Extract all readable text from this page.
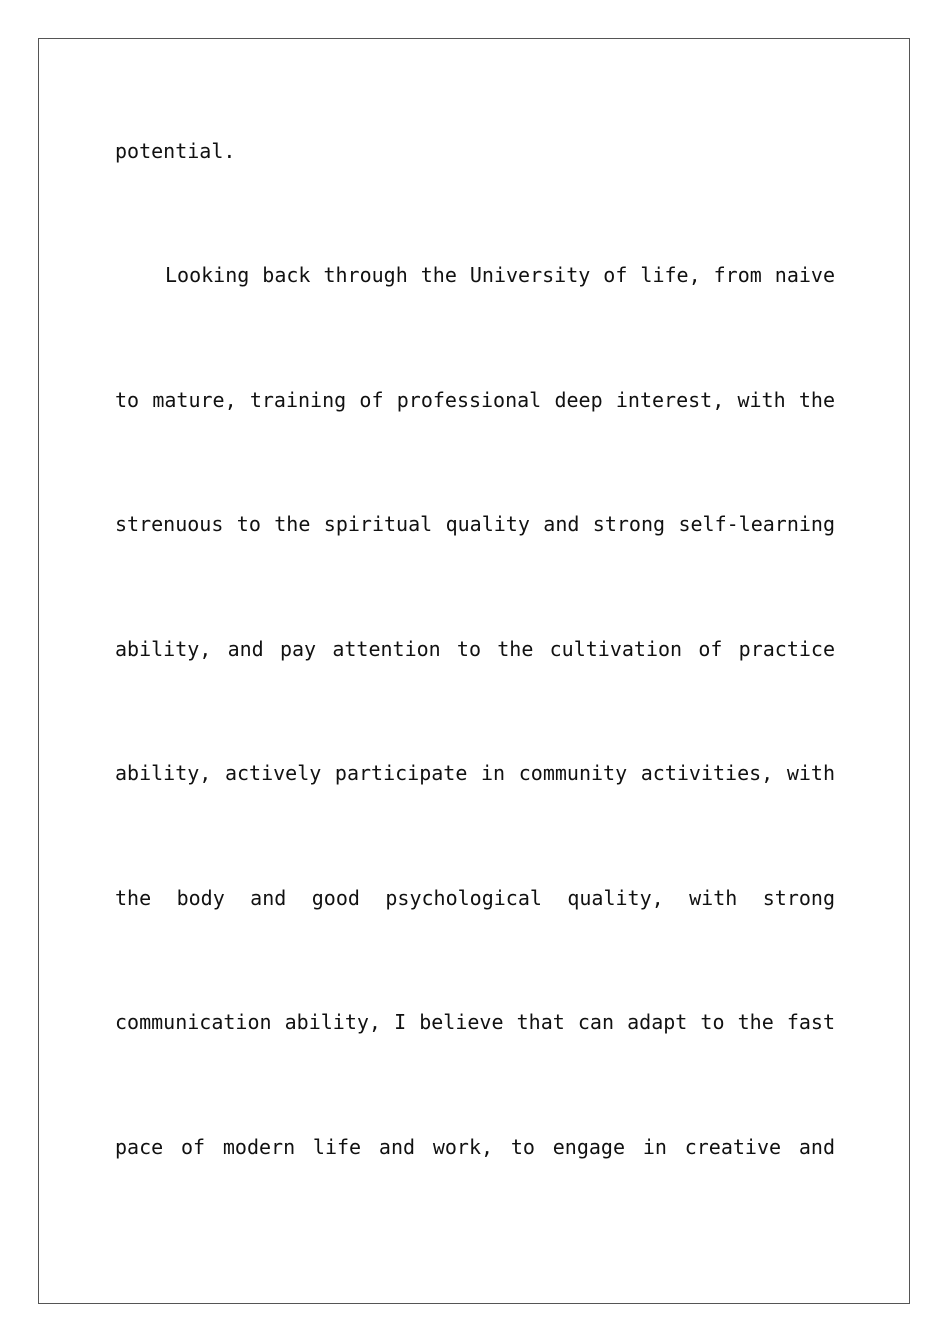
potential.
Looking back through the University of life, from naive
to mature, training of professional deep interest, with the
strenuous to the spiritual quality and strong self-learning
ability, and pay attention to the cultivation of practice
ability, actively participate in community activities, with
the body and good psychological quality, with strong
communication ability, I believe that can adapt to the fast
pace of modern life and work, to engage in creative and
